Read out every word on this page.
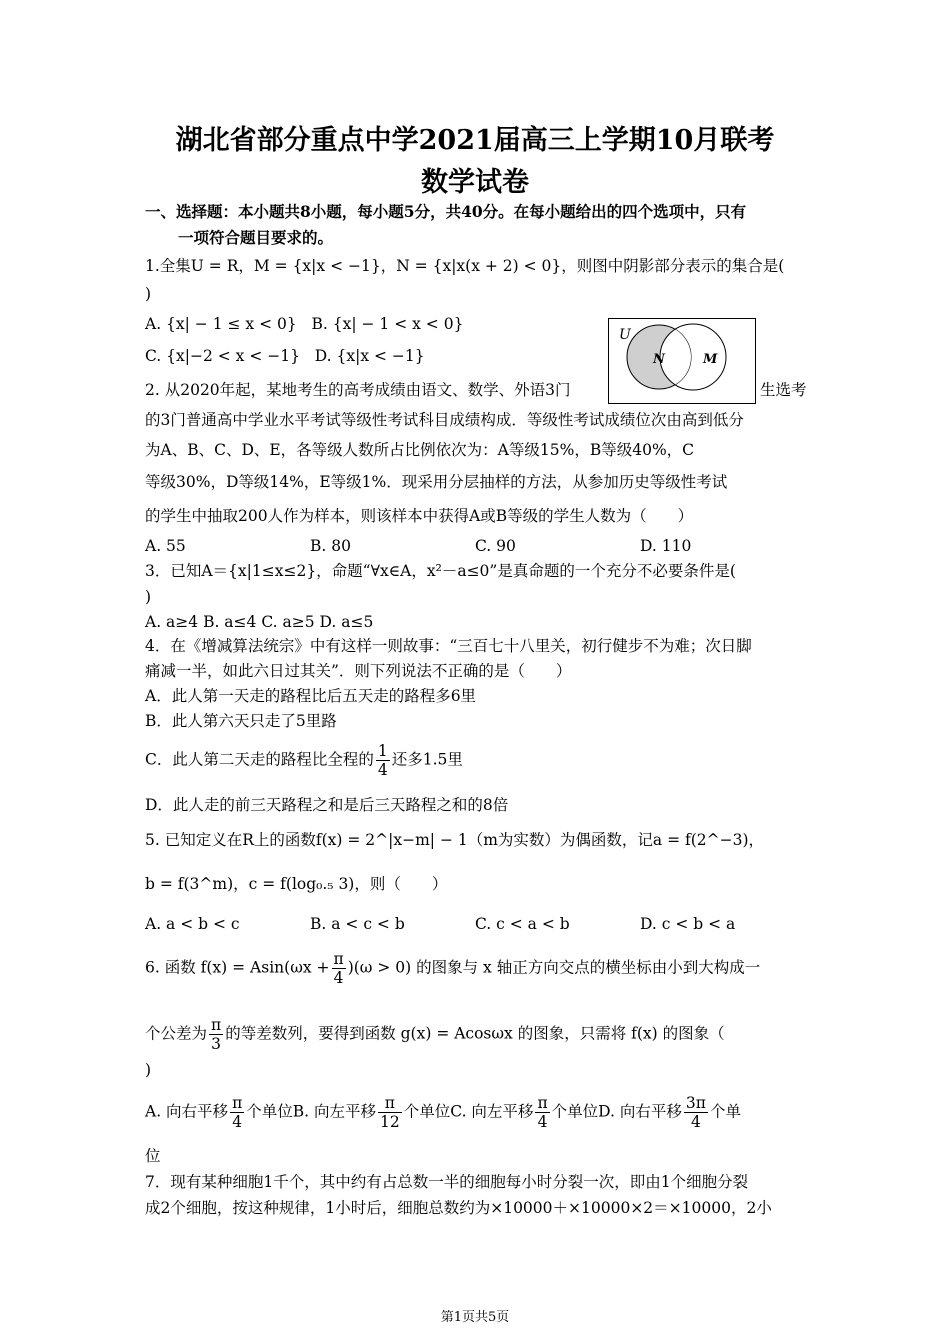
湖北省部分重点中学2021届高三上学期10月联考
数学试卷
一、选择题：本小题共8小题，每小题5分，共40分。在每小题给出的四个选项中，只有
一项符合题目要求的。
1.全集U = R，M = {x|x < −1}，N = {x|x(x + 2) < 0}，则图中阴影部分表示的集合是(
)
A. {x| − 1 ≤ x < 0} B. {x| − 1 < x < 0}
C. {x|−2 < x < −1} D. {x|x < −1}
U
N	M
2. 从2020年起，某地考生的高考成绩由语文、数学、外语3门	生选考
的3门普通高中学业水平考试等级性考试科目成绩构成．等级性考试成绩位次由高到低分
为A、B、C、D、E，各等级人数所占比例依次为：A等级15%，B等级40%，C
等级30%，D等级14%，E等级1%．现采用分层抽样的方法，从参加历史等级性考试
的学生中抽取200人作为样本，则该样本中获得A或B等级的学生人数为（　　）
A. 55	B. 80	C. 90	D. 110
3．已知A＝{x|1≤x≤2}，命题“∀x∈A，x²－a≤0”是真命题的一个充分不必要条件是(
)
A. a≥4 B. a≤4 C. a≥5 D. a≤5
4．在《增减算法统宗》中有这样一则故事：“三百七十八里关，初行健步不为难；次日脚
痛减一半，如此六日过其关”．则下列说法不正确的是（　　）
A．此人第一天走的路程比后五天走的路程多6里
B．此人第六天只走了5里路
C．此人第二天走的路程比全程的 $\frac{1}{4}$ 还多1.5里
D．此人走的前三天路程之和是后三天路程之和的8倍
5. 已知定义在R上的函数f(x) = 2^|x−m| − 1（m为实数）为偶函数，记a = f(2^−3)，
b = f(3^m)，c = f(log₀.₅ 3)，则（　　）
A. a < b < c	B. a < c < b	C. c < a < b	D. c < b < a
6. 函数 $f(x) = Asin(\omega x + \frac{\pi}{4} )(\omega > 0)$ 的图象与 x 轴正方向交点的横坐标由小到大构成一
个公差为 $\frac{\pi}{3}$ 的等差数列，要得到函数 g(x) = Acosωx 的图象，只需将 f(x) 的图象（
)
A. 向右平移 $\frac{\pi}{4}$ 个单位B. 向左平移 $\frac{\pi}{12}$ 个单位C. 向左平移 $\frac{\pi}{4}$ 个单位D. 向右平移 $\frac{3\pi}{4}$ 个单
位
7．现有某种细胞1千个，其中约有占总数一半的细胞每小时分裂一次，即由1个细胞分裂
成2个细胞，按这种规律，1小时后，细胞总数约为×10000＋×10000×2＝×10000，2小
第1页共5页
